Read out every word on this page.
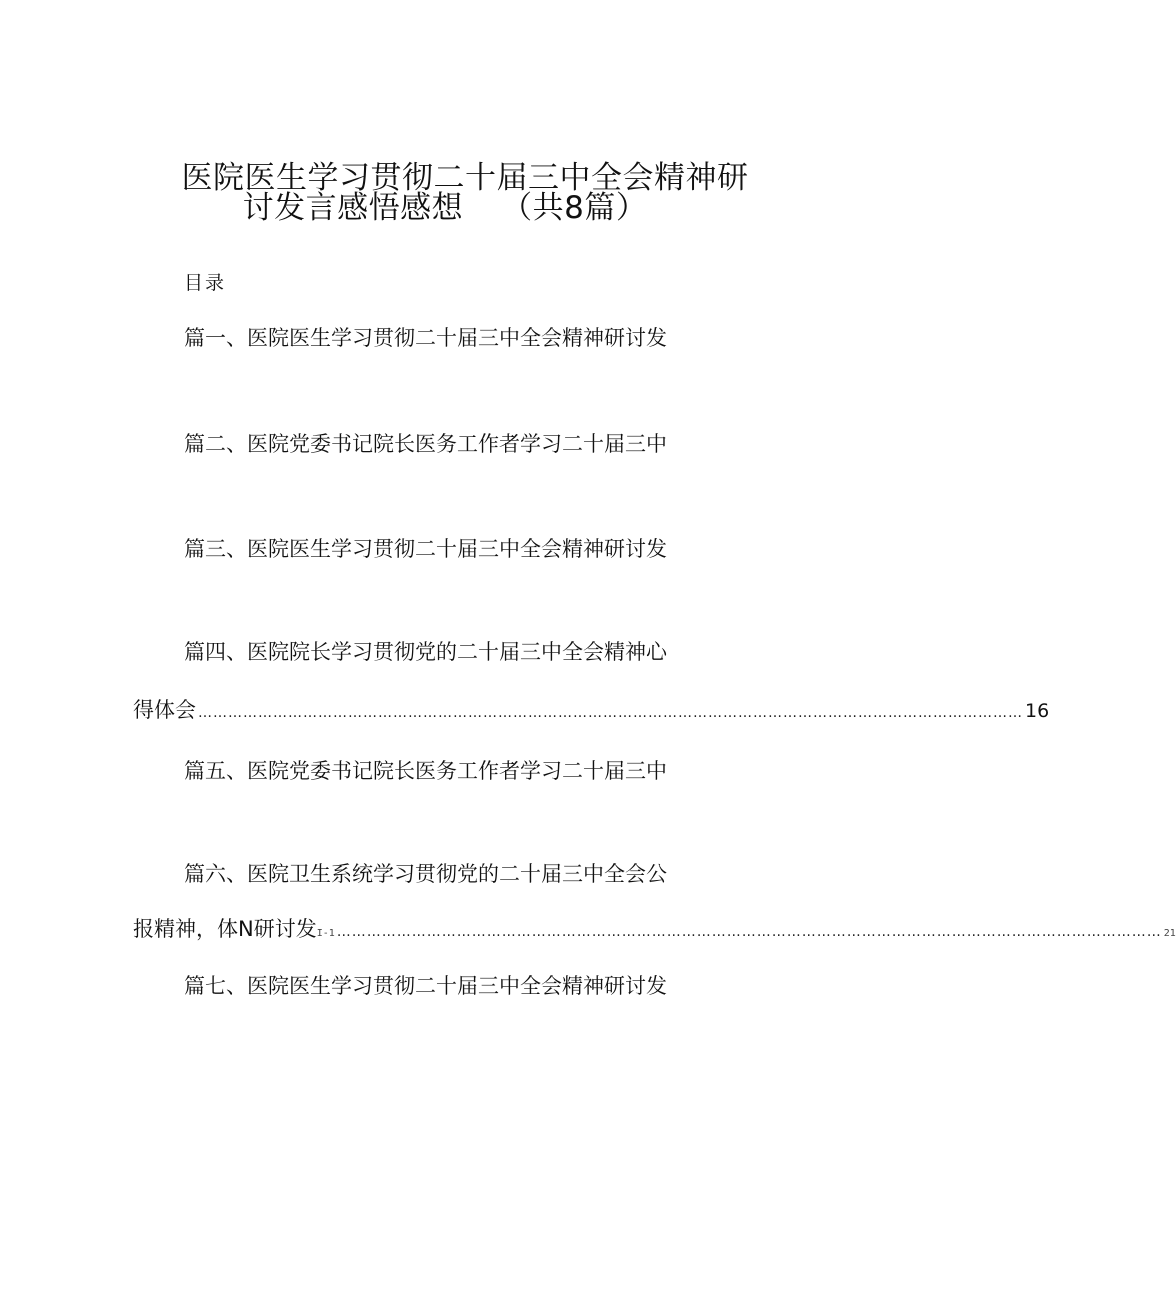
医院医生学习贯彻二十届三中全会精神研
讨发言感悟感想 （共8篇）
目录
篇一、医院医生学习贯彻二十届三中全会精神研讨发
篇二、医院党委书记院长医务工作者学习二十届三中
篇三、医院医生学习贯彻二十届三中全会精神研讨发
篇四、医院院长学习贯彻党的二十届三中全会精神心
得体会 ………………………………………………………………………………………………………………………………………………… 16
篇五、医院党委书记院长医务工作者学习二十届三中
篇六、医院卫生系统学习贯彻党的二十届三中全会公
报精神，体N研讨发 I-1 ………………………………………………………………………………………………………………………………………………… 21
篇七、医院医生学习贯彻二十届三中全会精神研讨发
